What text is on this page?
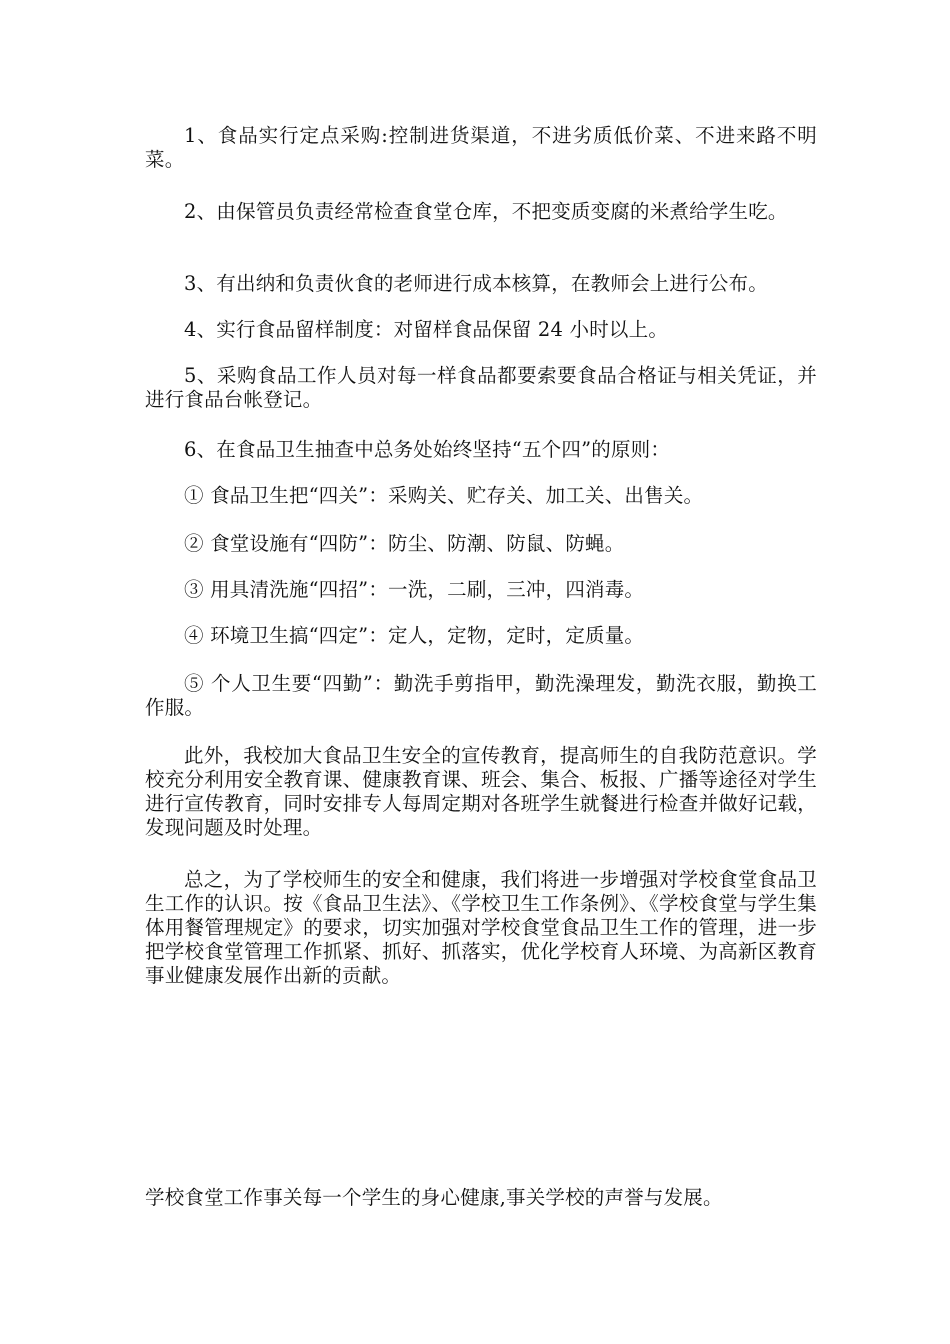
1、食品实行定点采购:控制进货渠道，不进劣质低价菜、不进来路不明菜。

2、由保管员负责经常检查食堂仓库，不把变质变腐的米煮给学生吃。

3、有出纳和负责伙食的老师进行成本核算，在教师会上进行公布。

4、实行食品留样制度：对留样食品保留 24 小时以上。

5、采购食品工作人员对每一样食品都要索要食品合格证与相关凭证，并进行食品台帐登记。

6、在食品卫生抽查中总务处始终坚持“五个四”的原则：

① 食品卫生把“四关”：采购关、贮存关、加工关、出售关。

② 食堂设施有“四防”：防尘、防潮、防鼠、防蝇。

③ 用具清洗施“四招”：一洗，二刷，三冲，四消毒。

④ 环境卫生搞“四定”：定人，定物，定时，定质量。

⑤ 个人卫生要“四勤”：勤洗手剪指甲，勤洗澡理发，勤洗衣服，勤换工作服。

此外，我校加大食品卫生安全的宣传教育，提高师生的自我防范意识。学校充分利用安全教育课、健康教育课、班会、集合、板报、广播等途径对学生进行宣传教育，同时安排专人每周定期对各班学生就餐进行检查并做好记载，发现问题及时处理。

总之，为了学校师生的安全和健康，我们将进一步增强对学校食堂食品卫生工作的认识。按《食品卫生法》、《学校卫生工作条例》、《学校食堂与学生集体用餐管理规定》的要求，切实加强对学校食堂食品卫生工作的管理，进一步把学校食堂管理工作抓紧、抓好、抓落实，优化学校育人环境、为高新区教育事业健康发展作出新的贡献。

学校食堂工作事关每一个学生的身心健康,事关学校的声誉与发展。
